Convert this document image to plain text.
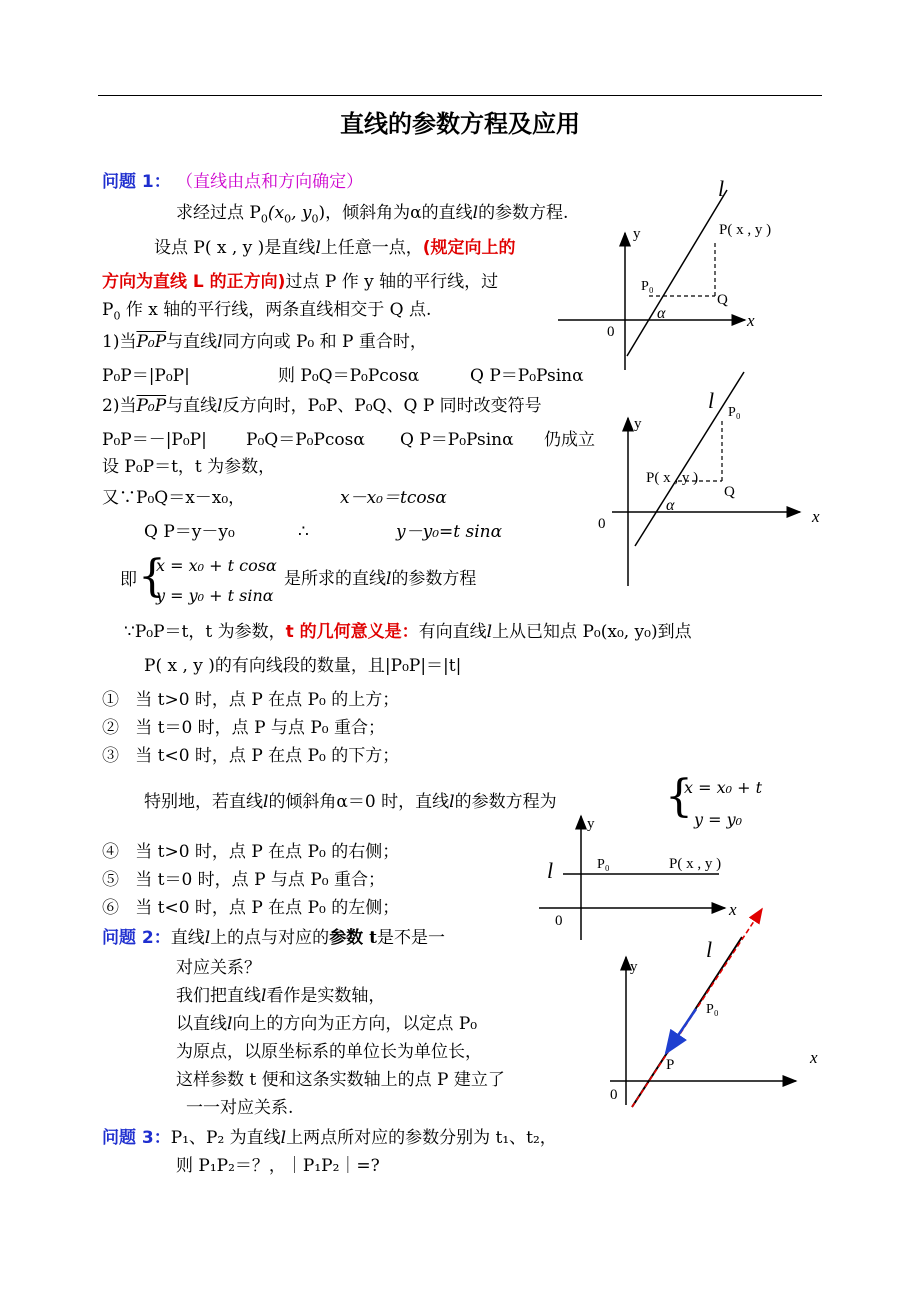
直线的参数方程及应用
问题 1： （直线由点和方向确定）
求经过点 $P_0(x_0$, $y_0$)，倾斜角为α的直线l的参数方程.
设点 P( x , y )是直线l上任意一点，(规定向上的
方向为直线 L 的正方向)过点 P 作 y 轴的平行线，过
$P_0$ 作 x 轴的平行线，两条直线相交于 Q 点.
1)当P₀P与直线l同方向或 P₀ 和 P 重合时，
P₀P＝|P₀P|	则 P₀Q＝P₀Pcosα	Q P＝P₀Psinα
2)当P₀P与直线l反方向时，P₀P、P₀Q、Q P 同时改变符号
P₀P＝－|P₀P| P₀Q＝P₀Pcosα Q P＝P₀Psinα 仍成立
设 P₀P＝t，t 为参数，
又∵P₀Q＝x－x₀，	x－x₀＝tcosα
Q P＝y－y₀	∴	y－y₀=t sinα
即 {
x = x₀ + t cosα
y = y₀ + t sinα
是所求的直线l的参数方程
∵P₀P＝t，t 为参数，t 的几何意义是：有向直线l上从已知点 P₀(x₀, y₀)到点
P( x , y )的有向线段的数量，且|P₀P|＝|t|
① 当 t>0 时，点 P 在点 P₀ 的上方；
② 当 t＝0 时，点 P 与点 P₀ 重合；
③ 当 t<0 时，点 P 在点 P₀ 的下方；
特别地，若直线l的倾斜角α＝0 时，直线l的参数方程为 {
x = x₀ + t
y = y₀
④ 当 t>0 时，点 P 在点 P₀ 的右侧；
⑤ 当 t＝0 时，点 P 与点 P₀ 重合；
⑥ 当 t<0 时，点 P 在点 P₀ 的左侧；
问题 2：直线l上的点与对应的参数 t是不是一
对应关系？
我们把直线l看作是实数轴，
以直线l向上的方向为正方向，以定点 P₀
为原点，以原坐标系的单位长为单位长，
这样参数 t 便和这条实数轴上的点 P 建立了
一一对应关系.
问题 3：P₁、P₂ 为直线l上两点所对应的参数分别为 t₁、t₂，
则 P₁P₂＝？，｜P₁P₂｜=?
l
y
x
0
P( x , y )
P₀
Q
α
l P₀
y
x
0
P( x , y )
Q
α
y
l	P₀	P( x , y )
x
0
l
y
P₀
P	x
0
